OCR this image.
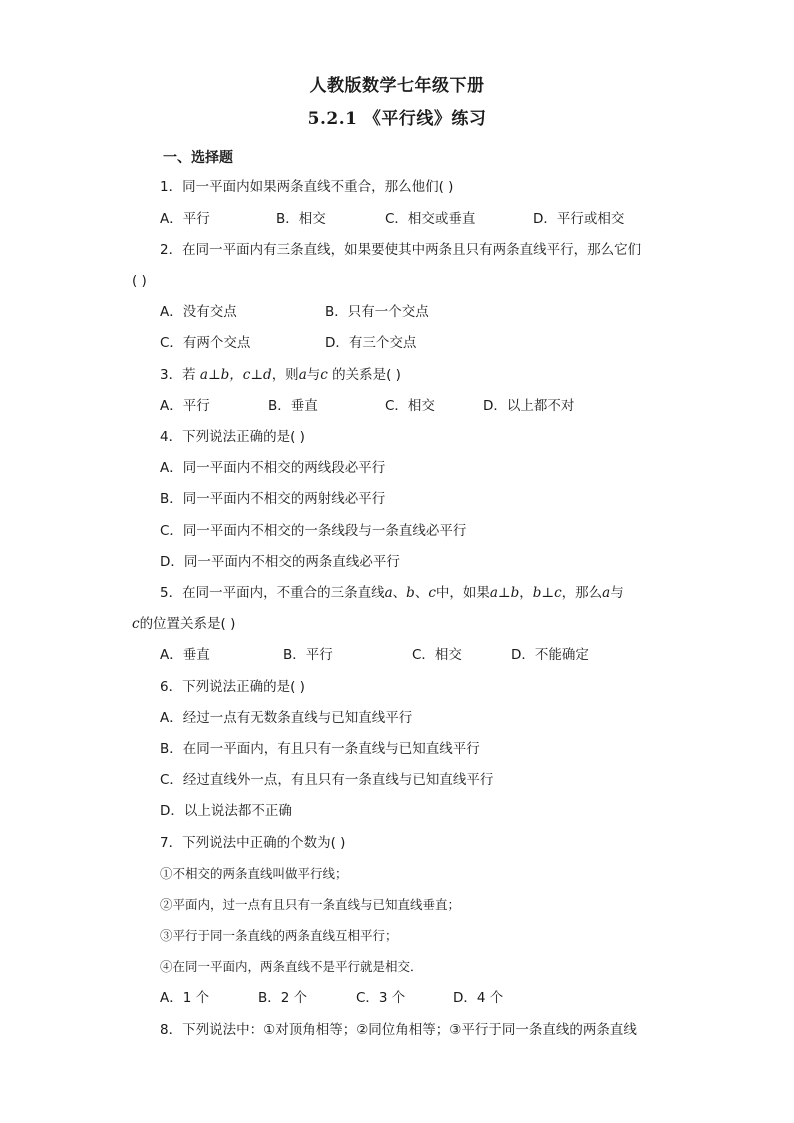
人教版数学七年级下册
5.2.1 《平行线》练习
一、选择题
1．同一平面内如果两条直线不重合，那么他们( )
A．平行	B．相交	C．相交或垂直	D．平行或相交
2．在同一平面内有三条直线，如果要使其中两条且只有两条直线平行，那么它们
( )
A．没有交点	B．只有一个交点
C．有两个交点	D．有三个交点
3．若 a⊥b，c⊥d，则a与c 的关系是( )
A．平行	B．垂直	C．相交	D．以上都不对
4．下列说法正确的是( )
A．同一平面内不相交的两线段必平行
B．同一平面内不相交的两射线必平行
C．同一平面内不相交的一条线段与一条直线必平行
D．同一平面内不相交的两条直线必平行
5．在同一平面内，不重合的三条直线a、b、c中，如果a⊥b，b⊥c，那么a与
c的位置关系是( )
A．垂直	B．平行	C．相交	D．不能确定
6．下列说法正确的是( )
A．经过一点有无数条直线与已知直线平行
B．在同一平面内，有且只有一条直线与已知直线平行
C．经过直线外一点，有且只有一条直线与已知直线平行
D．以上说法都不正确
7．下列说法中正确的个数为( )
①不相交的两条直线叫做平行线；
②平面内，过一点有且只有一条直线与已知直线垂直；
③平行于同一条直线的两条直线互相平行；
④在同一平面内，两条直线不是平行就是相交．
A．1 个	B．2 个	C．3 个	D．4 个
8．下列说法中：①对顶角相等；②同位角相等；③平行于同一条直线的两条直线
